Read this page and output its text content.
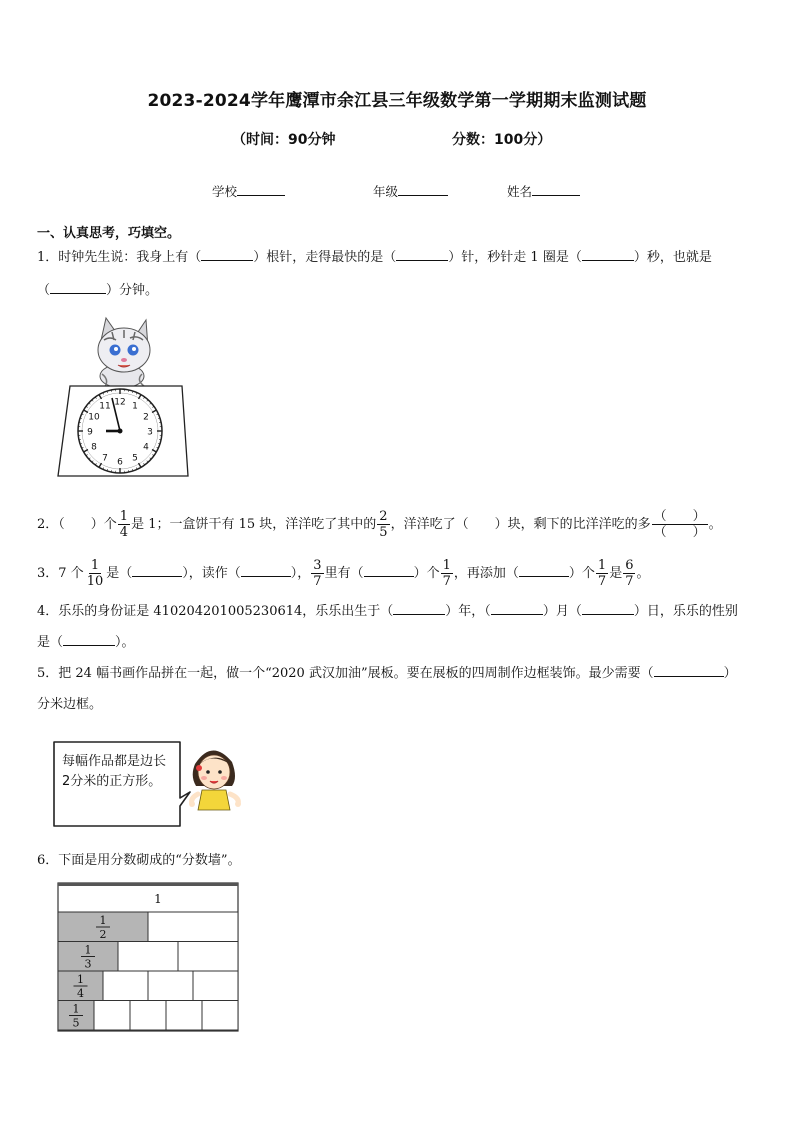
2023-2024学年鹰潭市余江县三年级数学第一学期期末监测试题
（时间：90分钟	分数：100分）
学校	年级	姓名
一、认真思考，巧填空。
1．时钟先生说：我身上有（	）根针，走得最快的是（	）针，秒针走 1 圈是（	）秒，也就是
（	）分钟。
12 1
2
3
4
5
6
7
8
9
10
11
2．（ ）个 $\frac{1}{4}$ 是 1；一盒饼干有 15 块，洋洋吃了其中的 $\frac{2}{5}$ ，洋洋吃了（ ）块，剩下的比洋洋吃的多 $\frac{( )}{( )}$ 。
3．7 个 $\frac{1}{10}$ 是（	），读作（	）， $\frac{3}{7}$ 里有（	）个 $\frac{1}{7}$ ，再添加（	）个 $\frac{1}{7}$ 是 $\frac{6}{7}$ 。
4．乐乐的身份证是 410204201005230614，乐乐出生于（	）年，（	）月（	）日，乐乐的性别
是（	）。
5．把 24 幅书画作品拼在一起，做一个“2020 武汉加油”展板。要在展板的四周制作边框装饰。最少需要（	）
分米边框。
每幅作品都是边长2分米的正方形。
6．下面是用分数砌成的“分数墙”。
1
1
2
1
3
1
4
1
5
